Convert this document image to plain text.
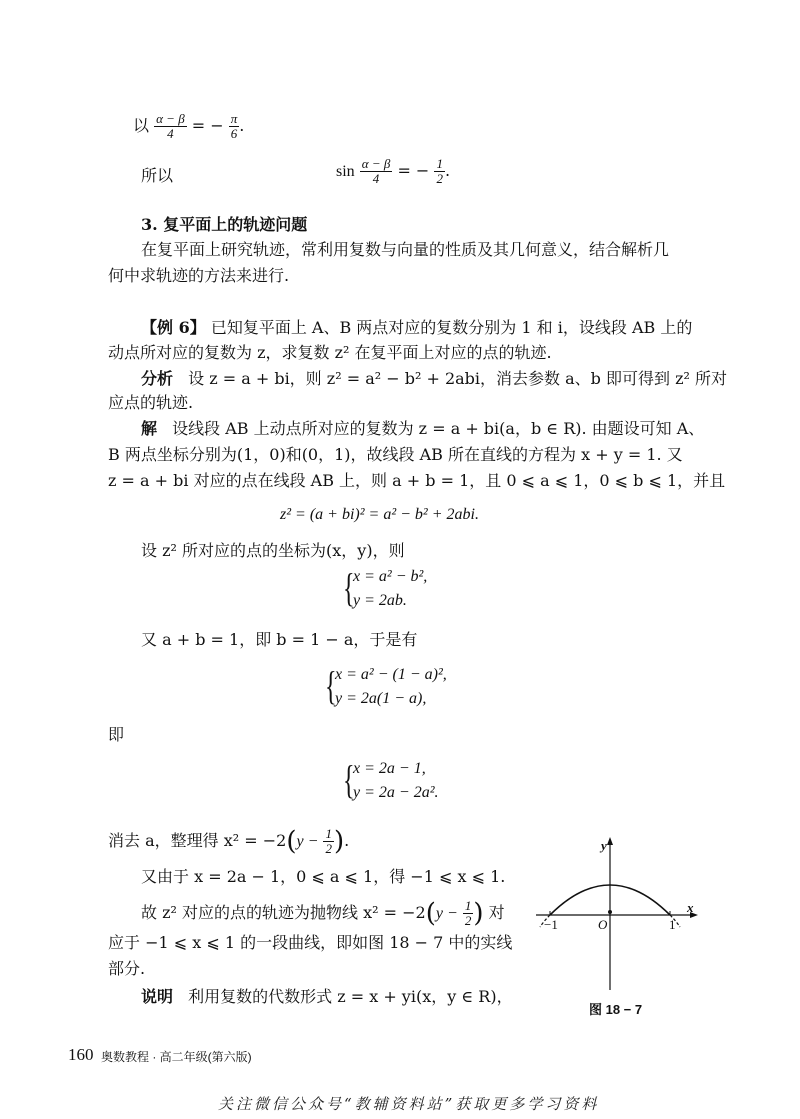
以 $\frac{\alpha - \beta}{4}$ = − $\frac{\pi}{6}$ .
所以	$\sin \frac{\alpha - \beta}{4}$ = − $\frac{1}{2}$ .
3. 复平面上的轨迹问题
在复平面上研究轨迹，常利用复数与向量的性质及其几何意义，结合解析几
何中求轨迹的方法来进行.
【例 6】 已知复平面上 A、B 两点对应的复数分别为 1 和 i，设线段 AB 上的
动点所对应的复数为 z，求复数 z² 在复平面上对应的点的轨迹.
分析 设 z = a + bi，则 z² = a² − b² + 2abi，消去参数 a、b 即可得到 z² 所对
应点的轨迹.
解 设线段 AB 上动点所对应的复数为 z = a + bi(a，b ∈ R). 由题设可知 A、
B 两点坐标分别为(1，0)和(0，1)，故线段 AB 所在直线的方程为 x + y = 1. 又
z = a + bi 对应的点在线段 AB 上，则 a + b = 1，且 0 ⩽ a ⩽ 1，0 ⩽ b ⩽ 1，并且
z² = (a + bi)² = a² − b² + 2abi.
设 z² 所对应的点的坐标为(x，y)，则
{
x = a² − b²,
y = 2ab.
又 a + b = 1，即 b = 1 − a，于是有
{
x = a² − (1 − a)²,
y = 2a(1 − a),
即
{
x = 2a − 1,
y = 2a − 2a².
消去 a，整理得 $x^2 = -2(y - \frac{1}{2}$ ).
又由于 x = 2a − 1，0 ⩽ a ⩽ 1，得 −1 ⩽ x ⩽ 1.
故 z² 对应的点的轨迹为抛物线 $x^2 = -2(y - \frac{1}{2}$ ) 对
应于 −1 ⩽ x ⩽ 1 的一段曲线，即如图 18 − 7 中的实线
部分.
说明 利用复数的代数形式 z = x + yi(x，y ∈ R)，
y
x
O
−1	1
图 18 − 7
160 奥数教程 · 高二年级(第六版)
关注微信公众号“教辅资料站”获取更多学习资料
